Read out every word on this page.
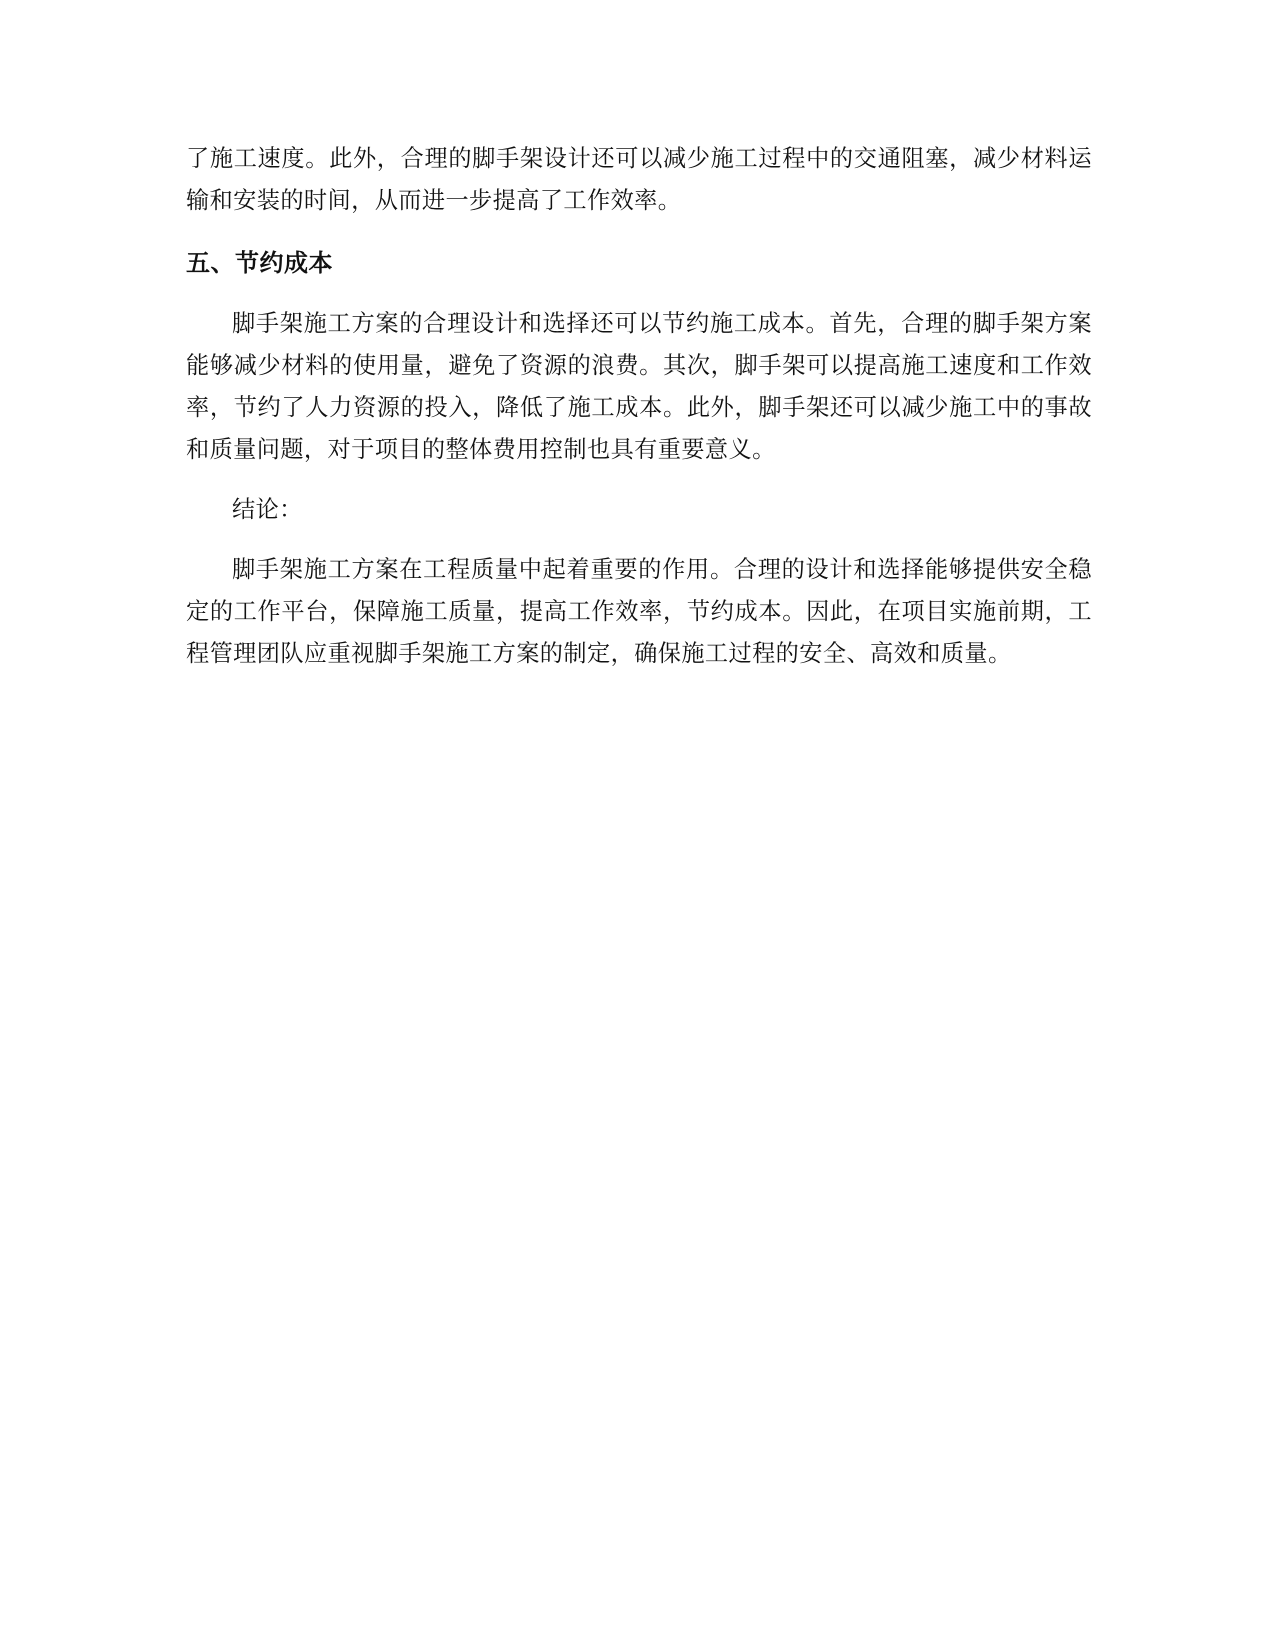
了施工速度。此外，合理的脚手架设计还可以减少施工过程中的交通阻塞，减少材料运输和安装的时间，从而进一步提高了工作效率。

五、节约成本

脚手架施工方案的合理设计和选择还可以节约施工成本。首先，合理的脚手架方案能够减少材料的使用量，避免了资源的浪费。其次，脚手架可以提高施工速度和工作效率，节约了人力资源的投入，降低了施工成本。此外，脚手架还可以减少施工中的事故和质量问题，对于项目的整体费用控制也具有重要意义。

结论：

脚手架施工方案在工程质量中起着重要的作用。合理的设计和选择能够提供安全稳定的工作平台，保障施工质量，提高工作效率，节约成本。因此，在项目实施前期，工程管理团队应重视脚手架施工方案的制定，确保施工过程的安全、高效和质量。
